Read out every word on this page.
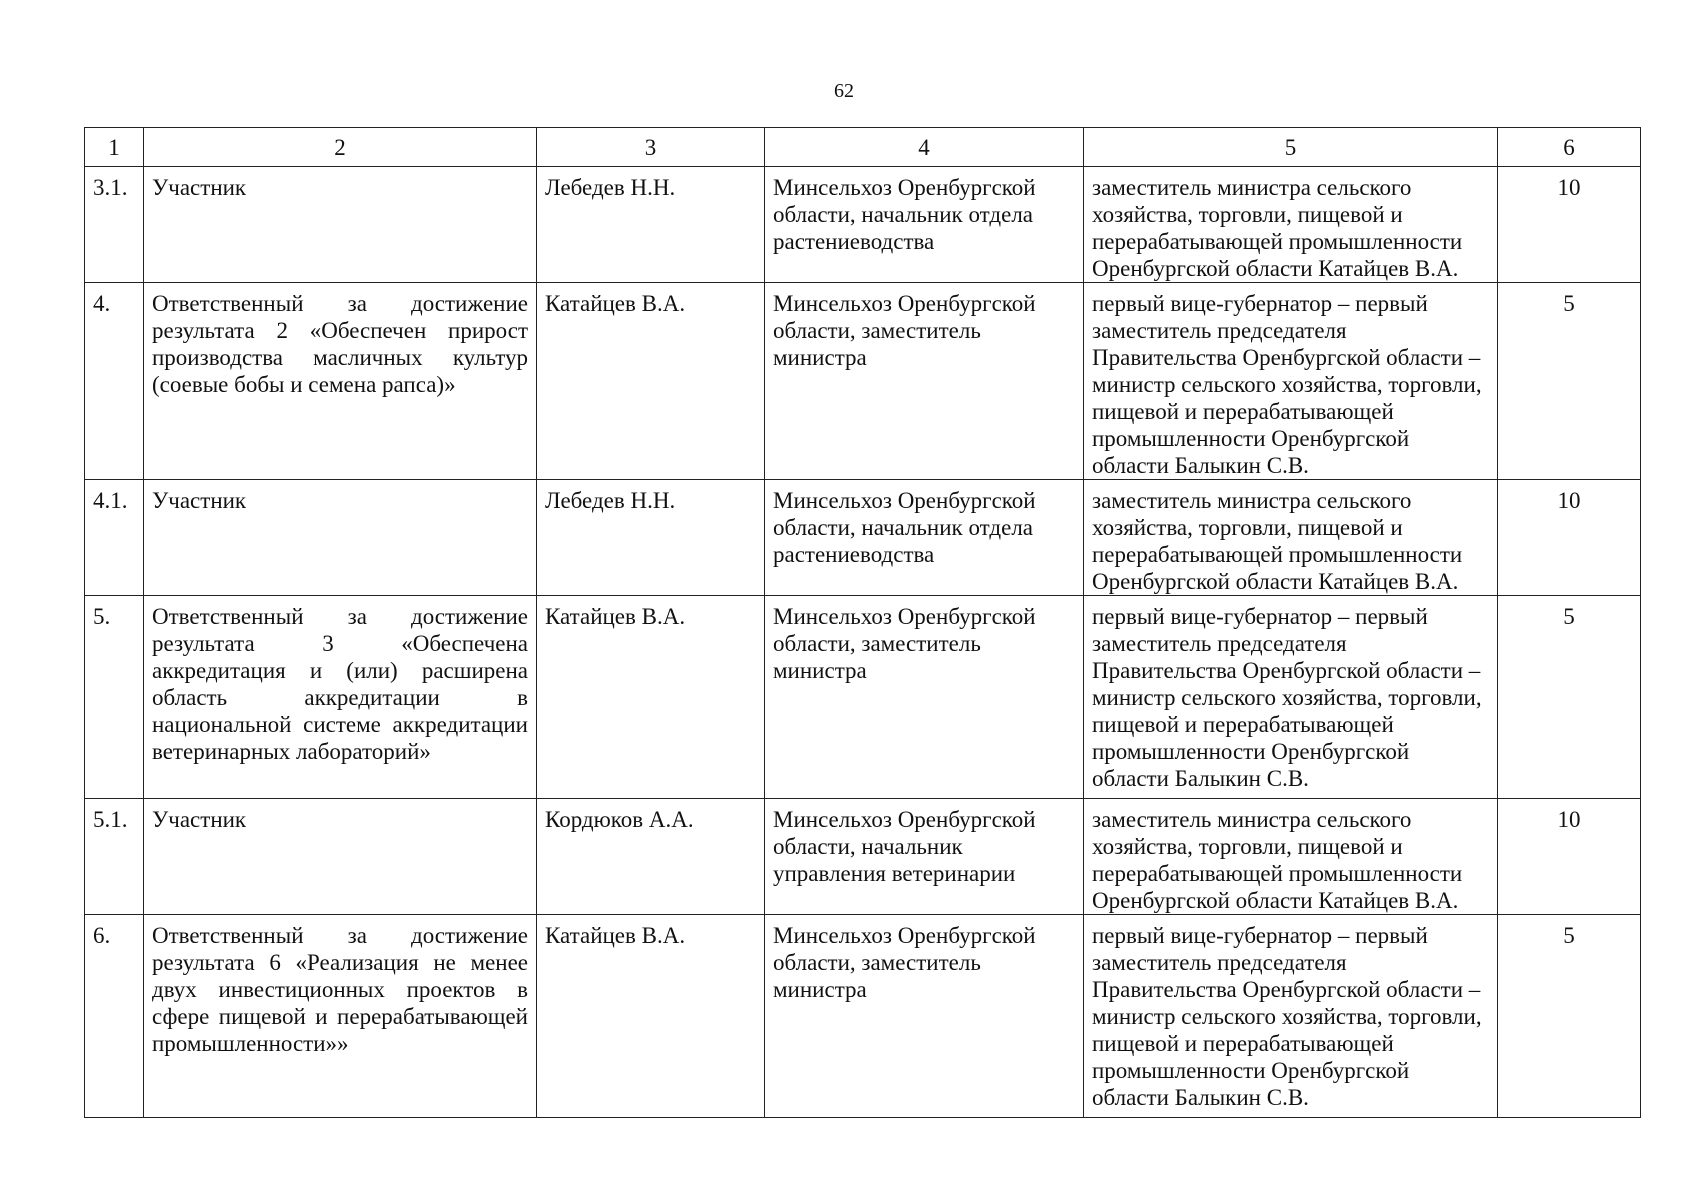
62
1	2	3	4	5	6
3.1.	Участник	Лебедев Н.Н.	Минсельхоз Оренбургской области, начальник отдела растениеводства	заместитель министра сельского хозяйства, торговли, пищевой и перерабатывающей промышленности Оренбургской области Катайцев В.А.	10
4.	Ответственный за достижение результата 2 «Обеспечен прирост производства масличных культур (соевые бобы и семена рапса)»	Катайцев В.А.	Минсельхоз Оренбургской области, заместитель министра	первый вице-губернатор – первый заместитель председателя Правительства Оренбургской области – министр сельского хозяйства, торговли, пищевой и перерабатывающей промышленности Оренбургской области Балыкин С.В.	5
4.1.	Участник	Лебедев Н.Н.	Минсельхоз Оренбургской области, начальник отдела растениеводства	заместитель министра сельского хозяйства, торговли, пищевой и перерабатывающей промышленности Оренбургской области Катайцев В.А.	10
5.	Ответственный за достижение результата 3 «Обеспечена аккредитация и (или) расширена область аккредитации в национальной системе аккредитации ветеринарных лабораторий»	Катайцев В.А.	Минсельхоз Оренбургской области, заместитель министра	первый вице-губернатор – первый заместитель председателя Правительства Оренбургской области – министр сельского хозяйства, торговли, пищевой и перерабатывающей промышленности Оренбургской области Балыкин С.В.	5
5.1.	Участник	Кордюков А.А.	Минсельхоз Оренбургской области, начальник управления ветеринарии	заместитель министра сельского хозяйства, торговли, пищевой и перерабатывающей промышленности Оренбургской области Катайцев В.А.	10
6.	Ответственный за достижение результата 6 «Реализация не менее двух инвестиционных проектов в сфере пищевой и перерабатывающей промышленности»»	Катайцев В.А.	Минсельхоз Оренбургской области, заместитель министра	первый вице-губернатор – первый заместитель председателя Правительства Оренбургской области – министр сельского хозяйства, торговли, пищевой и перерабатывающей промышленности Оренбургской области Балыкин С.В.	5
